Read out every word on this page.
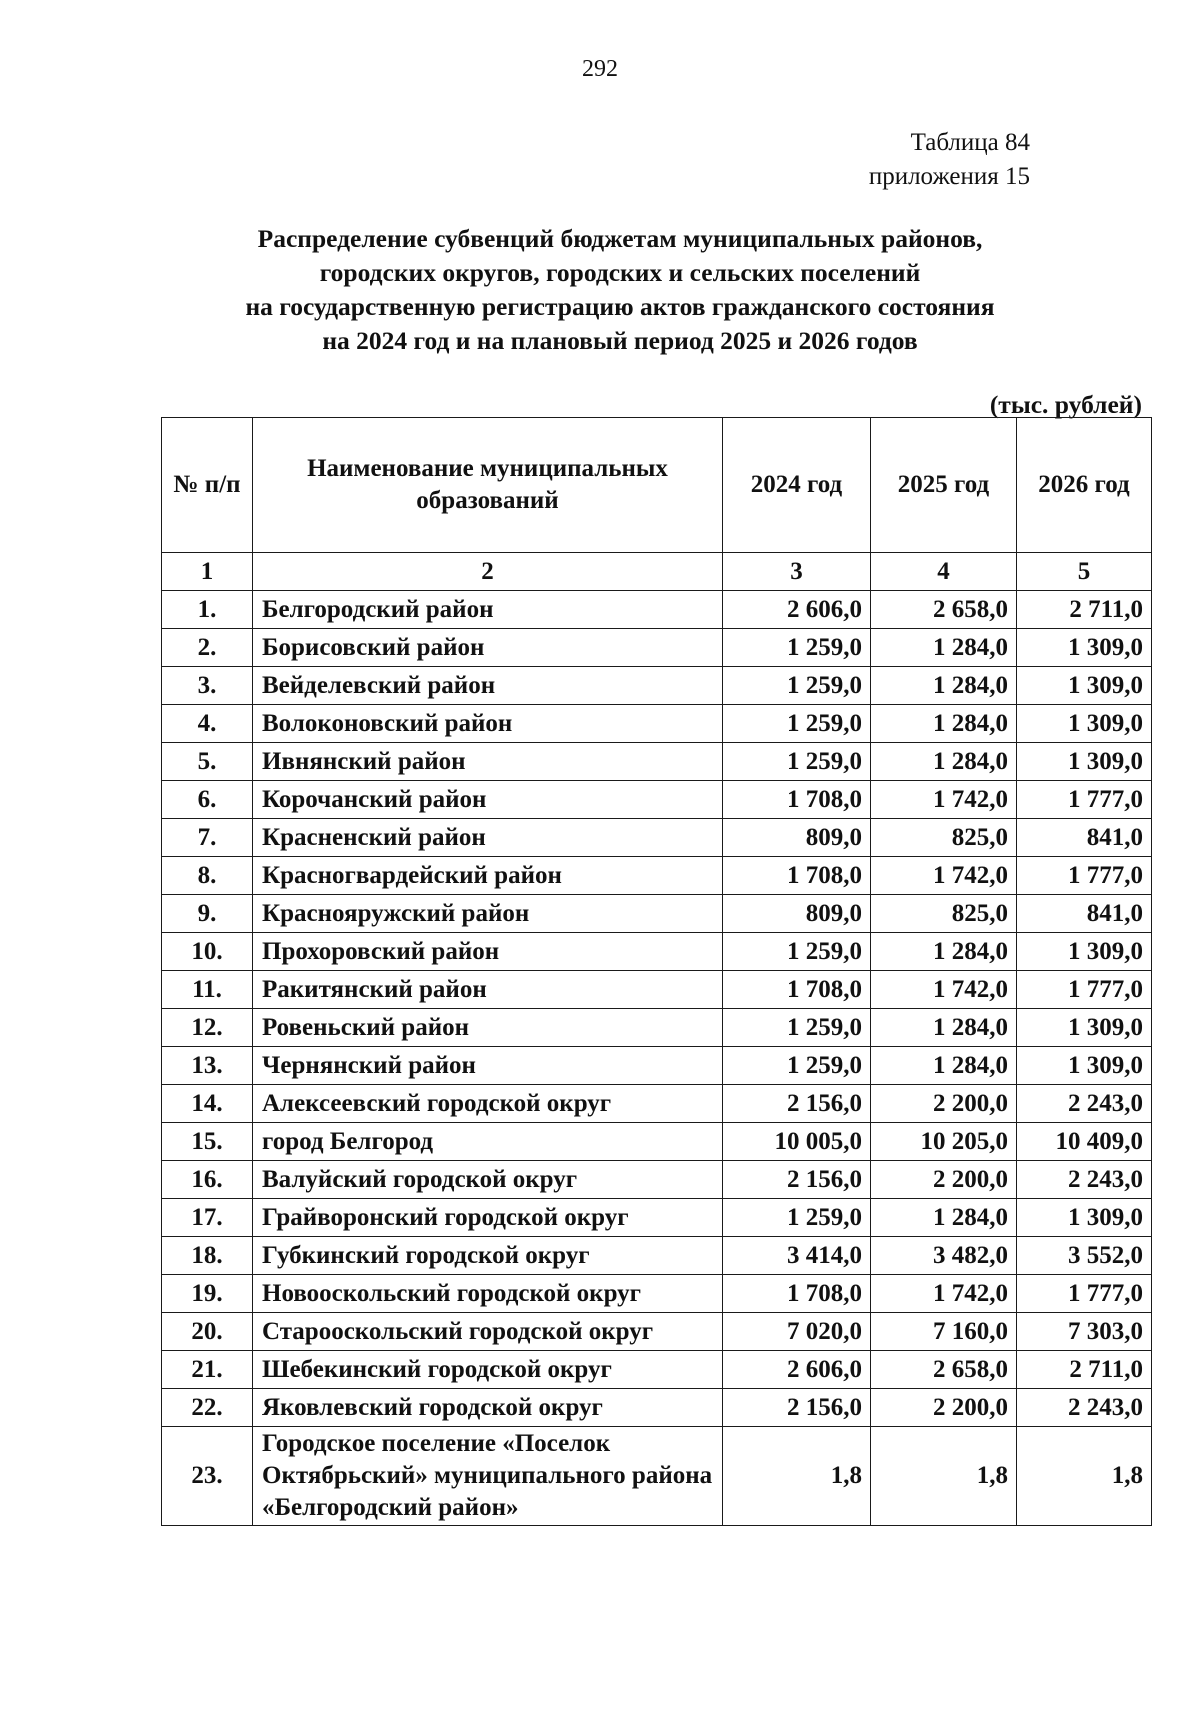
292
Таблица 84
приложения 15
Распределение субвенций бюджетам муниципальных районов,
городских округов, городских и сельских поселений
на государственную регистрацию актов гражданского состояния
на 2024 год и на плановый период 2025 и 2026 годов
(тыс. рублей)
№ п/п	Наименование муниципальных образований	2024 год	2025 год	2026 год
1	2	3	4	5
1.	Белгородский район	2 606,0	2 658,0	2 711,0
2.	Борисовский район	1 259,0	1 284,0	1 309,0
3.	Вейделевский район	1 259,0	1 284,0	1 309,0
4.	Волоконовский район	1 259,0	1 284,0	1 309,0
5.	Ивнянский район	1 259,0	1 284,0	1 309,0
6.	Корочанский район	1 708,0	1 742,0	1 777,0
7.	Красненский район	809,0	825,0	841,0
8.	Красногвардейский район	1 708,0	1 742,0	1 777,0
9.	Краснояружский район	809,0	825,0	841,0
10.	Прохоровский район	1 259,0	1 284,0	1 309,0
11.	Ракитянский район	1 708,0	1 742,0	1 777,0
12.	Ровеньский район	1 259,0	1 284,0	1 309,0
13.	Чернянский район	1 259,0	1 284,0	1 309,0
14.	Алексеевский городской округ	2 156,0	2 200,0	2 243,0
15.	город Белгород	10 005,0	10 205,0	10 409,0
16.	Валуйский городской округ	2 156,0	2 200,0	2 243,0
17.	Грайворонский городской округ	1 259,0	1 284,0	1 309,0
18.	Губкинский городской округ	3 414,0	3 482,0	3 552,0
19.	Новооскольский городской округ	1 708,0	1 742,0	1 777,0
20.	Старооскольский городской округ	7 020,0	7 160,0	7 303,0
21.	Шебекинский городской округ	2 606,0	2 658,0	2 711,0
22.	Яковлевский городской округ	2 156,0	2 200,0	2 243,0
23.	Городское поселение «Поселок Октябрьский» муниципального района «Белгородский район»	1,8	1,8	1,8
